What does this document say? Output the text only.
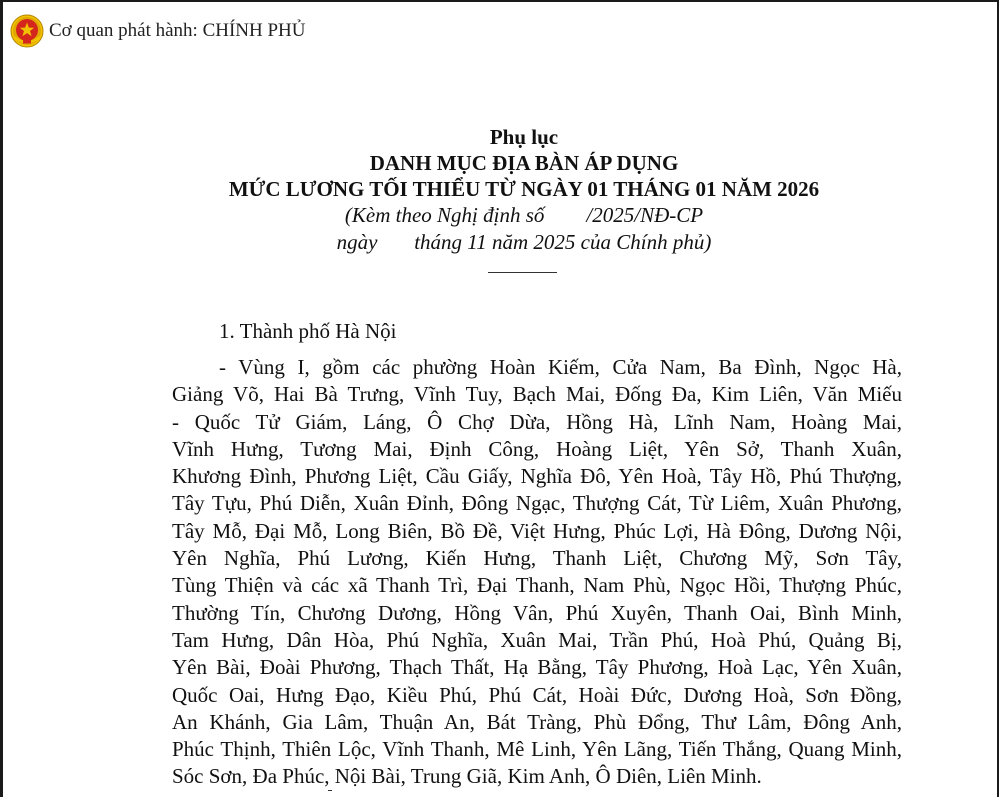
Cơ quan phát hành: CHÍNH PHỦ
Phụ lục
DANH MỤC ĐỊA BÀN ÁP DỤNG
MỨC LƯƠNG TỐI THIỂU TỪ NGÀY 01 THÁNG 01 NĂM 2026
(Kèm theo Nghị định số        /2025/NĐ-CP
ngày       tháng 11 năm 2025 của Chính phủ)
1. Thành phố Hà Nội
- Vùng I, gồm các phường Hoàn Kiếm, Cửa Nam, Ba Đình, Ngọc Hà,
Giảng Võ, Hai Bà Trưng, Vĩnh Tuy, Bạch Mai, Đống Đa, Kim Liên, Văn Miếu
- Quốc Tử Giám, Láng, Ô Chợ Dừa, Hồng Hà, Lĩnh Nam, Hoàng Mai,
Vĩnh Hưng, Tương Mai, Định Công, Hoàng Liệt, Yên Sở, Thanh Xuân,
Khương Đình, Phương Liệt, Cầu Giấy, Nghĩa Đô, Yên Hoà, Tây Hồ, Phú Thượng,
Tây Tựu, Phú Diễn, Xuân Đỉnh, Đông Ngạc, Thượng Cát, Từ Liêm, Xuân Phương,
Tây Mỗ, Đại Mỗ, Long Biên, Bồ Đề, Việt Hưng, Phúc Lợi, Hà Đông, Dương Nội,
Yên Nghĩa, Phú Lương, Kiến Hưng, Thanh Liệt, Chương Mỹ, Sơn Tây,
Tùng Thiện và các xã Thanh Trì, Đại Thanh, Nam Phù, Ngọc Hồi, Thượng Phúc,
Thường Tín, Chương Dương, Hồng Vân, Phú Xuyên, Thanh Oai, Bình Minh,
Tam Hưng, Dân Hòa, Phú Nghĩa, Xuân Mai, Trần Phú, Hoà Phú, Quảng Bị,
Yên Bài, Đoài Phương, Thạch Thất, Hạ Bằng, Tây Phương, Hoà Lạc, Yên Xuân,
Quốc Oai, Hưng Đạo, Kiều Phú, Phú Cát, Hoài Đức, Dương Hoà, Sơn Đồng,
An Khánh, Gia Lâm, Thuận An, Bát Tràng, Phù Đổng, Thư Lâm, Đông Anh,
Phúc Thịnh, Thiên Lộc, Vĩnh Thanh, Mê Linh, Yên Lãng, Tiến Thắng, Quang Minh,
Sóc Sơn, Đa Phúc, Nội Bài, Trung Giã, Kim Anh, Ô Diên, Liên Minh.
